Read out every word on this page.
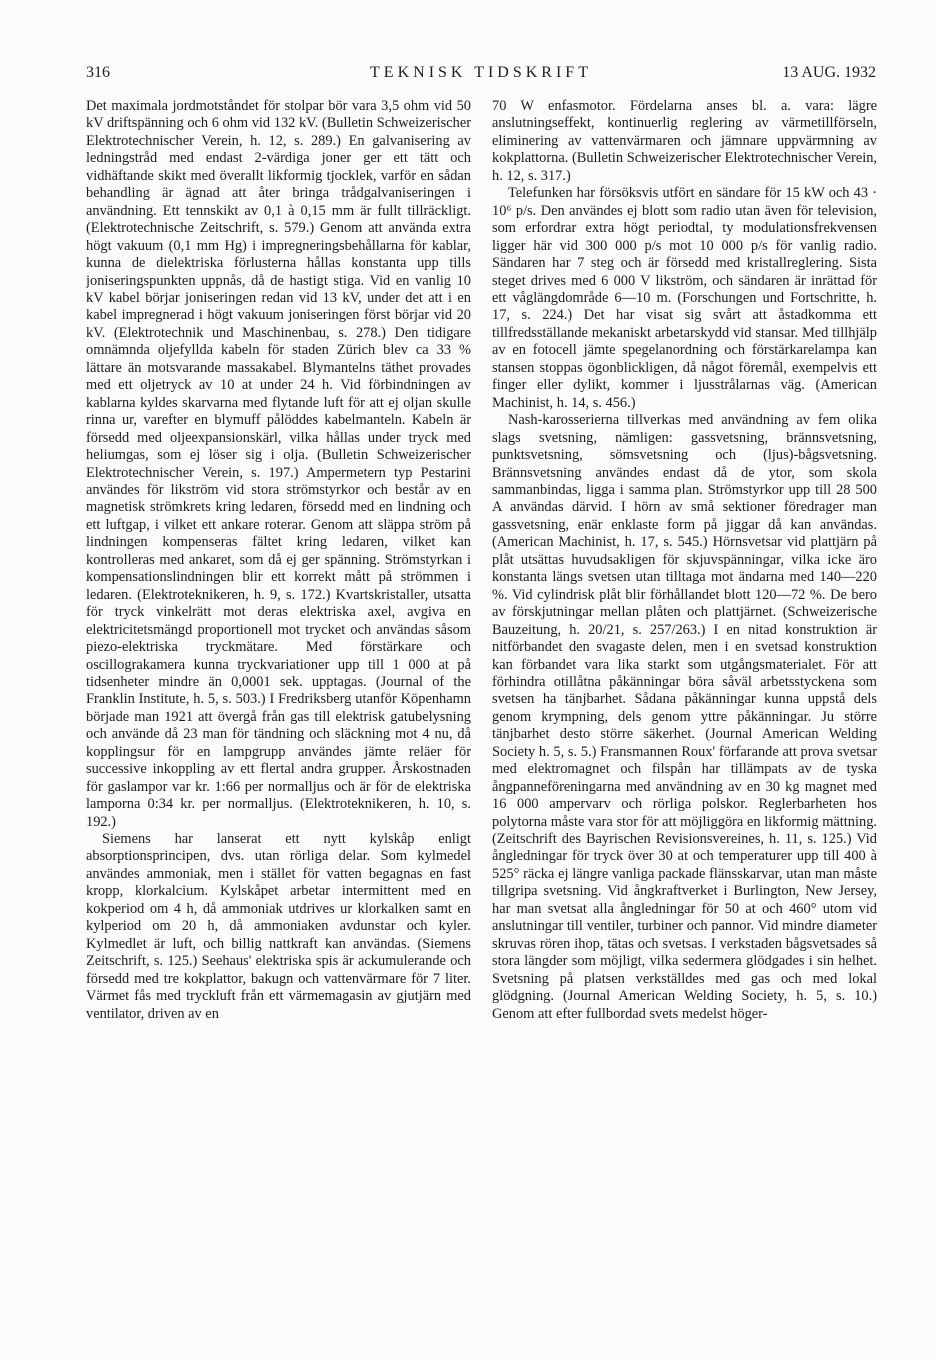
316	TEKNISK TIDSKRIFT	13 AUG. 1932

Det maximala jordmotståndet för stolpar bör vara 3,5 ohm vid 50 kV driftspänning och 6 ohm vid 132 kV. (Bulletin Schweizerischer Elektrotechnischer Verein, h. 12, s. 289.) En galvanisering av ledningstråd med endast 2-värdiga joner ger ett tätt och vidhäftande skikt med överallt likformig tjocklek, varför en sådan behandling är ägnad att åter bringa trådgalvaniseringen i användning. Ett tennskikt av 0,1 à 0,15 mm är fullt tillräckligt. (Elektrotechnische Zeitschrift, s. 579.) Genom att använda extra högt vakuum (0,1 mm Hg) i impregneringsbehållarna för kablar, kunna de dielektriska förlusterna hållas konstanta upp tills joniseringspunkten uppnås, då de hastigt stiga. Vid en vanlig 10 kV kabel börjar joniseringen redan vid 13 kV, under det att i en kabel impregnerad i högt vakuum joniseringen först börjar vid 20 kV. (Elektrotechnik und Maschinenbau, s. 278.) Den tidigare omnämnda oljefyllda kabeln för staden Zürich blev ca 33 % lättare än motsvarande massakabel. Blymantelns täthet provades med ett oljetryck av 10 at under 24 h. Vid förbindningen av kablarna kyldes skarvarna med flytande luft för att ej oljan skulle rinna ur, varefter en blymuff pålöddes kabelmanteln. Kabeln är försedd med oljeexpansionskärl, vilka hållas under tryck med heliumgas, som ej löser sig i olja. (Bulletin Schweizerischer Elektrotechnischer Verein, s. 197.) Ampermetern typ Pestarini användes för likström vid stora strömstyrkor och består av en magnetisk strömkrets kring ledaren, försedd med en lindning och ett luftgap, i vilket ett ankare roterar. Genom att släppa ström på lindningen kompenseras fältet kring ledaren, vilket kan kontrolleras med ankaret, som då ej ger spänning. Strömstyrkan i kompensationslindningen blir ett korrekt mått på strömmen i ledaren. (Elektroteknikeren, h. 9, s. 172.) Kvartskristaller, utsatta för tryck vinkelrätt mot deras elektriska axel, avgiva en elektricitetsmängd proportionell mot trycket och användas såsom piezo-elektriska tryckmätare. Med förstärkare och oscillograkamera kunna tryckvariationer upp till 1 000 at på tidsenheter mindre än 0,0001 sek. upptagas. (Journal of the Franklin Institute, h. 5, s. 503.) I Fredriksberg utanför Köpenhamn började man 1921 att övergå från gas till elektrisk gatubelysning och använde då 23 man för tändning och släckning mot 4 nu, då kopplingsur för en lampgrupp användes jämte reläer för successive inkoppling av ett flertal andra grupper. Årskostnaden för gaslampor var kr. 1:66 per normalljus och är för de elektriska lamporna 0:34 kr. per normalljus. (Elektroteknikeren, h. 10, s. 192.)

Siemens har lanserat ett nytt kylskåp enligt absorptionsprincipen, dvs. utan rörliga delar. Som kylmedel användes ammoniak, men i stället för vatten begagnas en fast kropp, klorkalcium. Kylskåpet arbetar intermittent med en kokperiod om 4 h, då ammoniak utdrives ur klorkalken samt en kylperiod om 20 h, då ammoniaken avdunstar och kyler. Kylmedlet är luft, och billig nattkraft kan användas. (Siemens Zeitschrift, s. 125.) Seehaus' elektriska spis är ackumulerande och försedd med tre kokplattor, bakugn och vattenvärmare för 7 liter. Värmet fås med tryckluft från ett värmemagasin av gjutjärn med ventilator, driven av en

70 W enfasmotor. Fördelarna anses bl. a. vara: lägre anslutningseffekt, kontinuerlig reglering av värmetillförseln, eliminering av vattenvärmaren och jämnare uppvärmning av kokplattorna. (Bulletin Schweizerischer Elektrotechnischer Verein, h. 12, s. 317.)

Telefunken har försöksvis utfört en sändare för 15 kW och 43 · 10⁶ p/s. Den användes ej blott som radio utan även för television, som erfordrar extra högt periodtal, ty modulationsfrekvensen ligger här vid 300 000 p/s mot 10 000 p/s för vanlig radio. Sändaren har 7 steg och är försedd med kristallreglering. Sista steget drives med 6 000 V likström, och sändaren är inrättad för ett våglängdområde 6—10 m. (Forschungen und Fortschritte, h. 17, s. 224.) Det har visat sig svårt att åstadkomma ett tillfredsställande mekaniskt arbetarskydd vid stansar. Med tillhjälp av en fotocell jämte spegelanordning och förstärkarelampa kan stansen stoppas ögonblickligen, då något föremål, exempelvis ett finger eller dylikt, kommer i ljusstrålarnas väg. (American Machinist, h. 14, s. 456.)

Nash-karosserierna tillverkas med användning av fem olika slags svetsning, nämligen: gassvetsning, brännsvetsning, punktsvetsning, sömsvetsning och (ljus)-bågsvetsning. Brännsvetsning användes endast då de ytor, som skola sammanbindas, ligga i samma plan. Strömstyrkor upp till 28 500 A användas därvid. I hörn av små sektioner föredrager man gassvetsning, enär enklaste form på jiggar då kan användas. (American Machinist, h. 17, s. 545.) Hörnsvetsar vid plattjärn på plåt utsättas huvudsakligen för skjuvspänningar, vilka icke äro konstanta längs svetsen utan tilltaga mot ändarna med 140—220 %. Vid cylindrisk plåt blir förhållandet blott 120—72 %. De bero av förskjutningar mellan plåten och plattjärnet. (Schweizerische Bauzeitung, h. 20/21, s. 257/263.) I en nitad konstruktion är nitförbandet den svagaste delen, men i en svetsad konstruktion kan förbandet vara lika starkt som utgångsmaterialet. För att förhindra otillåtna påkänningar böra såväl arbetsstyckena som svetsen ha tänjbarhet. Sådana påkänningar kunna uppstå dels genom krympning, dels genom yttre påkänningar. Ju större tänjbarhet desto större säkerhet. (Journal American Welding Society h. 5, s. 5.) Fransmannen Roux' förfarande att prova svetsar med elektromagnet och filspån har tillämpats av de tyska ångpanneföreningarna med användning av en 30 kg magnet med 16 000 ampervarv och rörliga polskor. Reglerbarheten hos polytorna måste vara stor för att möjliggöra en likformig mättning. (Zeitschrift des Bayrischen Revisionsvereines, h. 11, s. 125.) Vid ångledningar för tryck över 30 at och temperaturer upp till 400 à 525° räcka ej längre vanliga packade flänsskarvar, utan man måste tillgripa svetsning. Vid ångkraftverket i Burlington, New Jersey, har man svetsat alla ångledningar för 50 at och 460° utom vid anslutningar till ventiler, turbiner och pannor. Vid mindre diameter skruvas rören ihop, tätas och svetsas. I verkstaden bågsvetsades så stora längder som möjligt, vilka sedermera glödgades i sin helhet. Svetsning på platsen verkställdes med gas och med lokal glödgning. (Journal American Welding Society, h. 5, s. 10.) Genom att efter fullbordad svets medelst höger-
